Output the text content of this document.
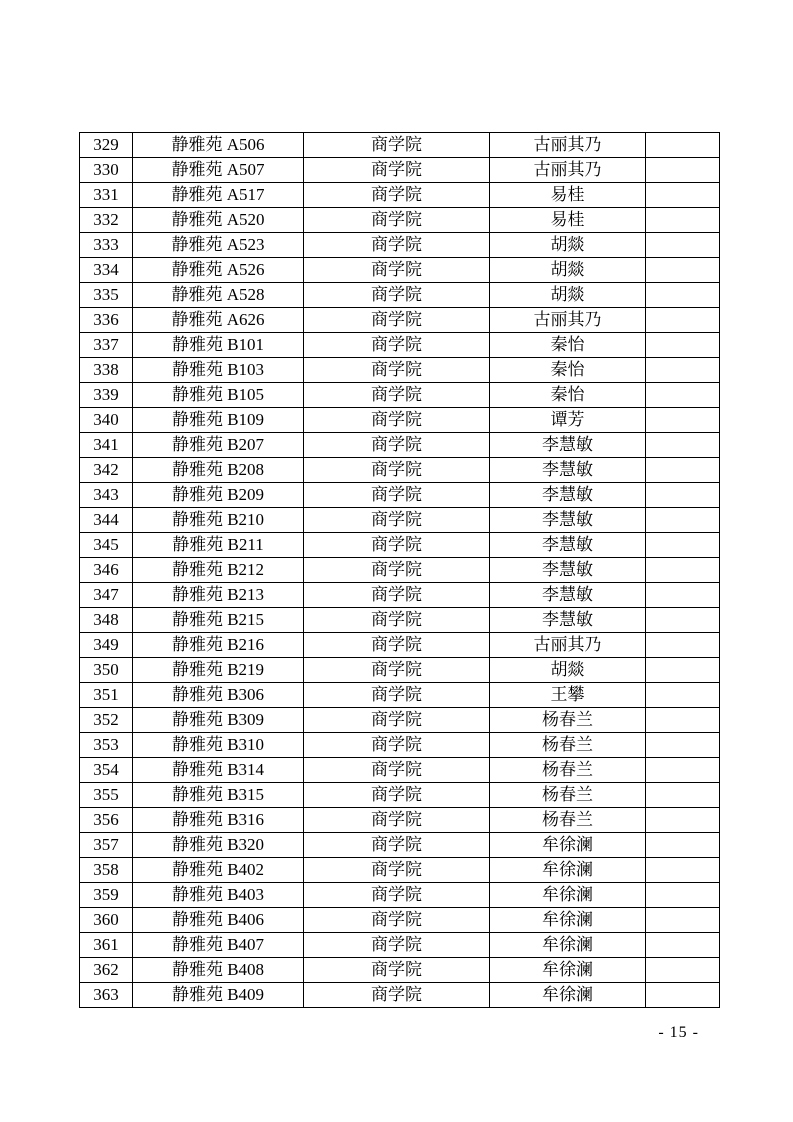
329	静雅苑 A506	商学院	古丽其乃	
330	静雅苑 A507	商学院	古丽其乃	
331	静雅苑 A517	商学院	易桂	
332	静雅苑 A520	商学院	易桂	
333	静雅苑 A523	商学院	胡燚	
334	静雅苑 A526	商学院	胡燚	
335	静雅苑 A528	商学院	胡燚	
336	静雅苑 A626	商学院	古丽其乃	
337	静雅苑 B101	商学院	秦怡	
338	静雅苑 B103	商学院	秦怡	
339	静雅苑 B105	商学院	秦怡	
340	静雅苑 B109	商学院	谭芳	
341	静雅苑 B207	商学院	李慧敏	
342	静雅苑 B208	商学院	李慧敏	
343	静雅苑 B209	商学院	李慧敏	
344	静雅苑 B210	商学院	李慧敏	
345	静雅苑 B211	商学院	李慧敏	
346	静雅苑 B212	商学院	李慧敏	
347	静雅苑 B213	商学院	李慧敏	
348	静雅苑 B215	商学院	李慧敏	
349	静雅苑 B216	商学院	古丽其乃	
350	静雅苑 B219	商学院	胡燚	
351	静雅苑 B306	商学院	王攀	
352	静雅苑 B309	商学院	杨春兰	
353	静雅苑 B310	商学院	杨春兰	
354	静雅苑 B314	商学院	杨春兰	
355	静雅苑 B315	商学院	杨春兰	
356	静雅苑 B316	商学院	杨春兰	
357	静雅苑 B320	商学院	牟徐澜	
358	静雅苑 B402	商学院	牟徐澜	
359	静雅苑 B403	商学院	牟徐澜	
360	静雅苑 B406	商学院	牟徐澜	
361	静雅苑 B407	商学院	牟徐澜	
362	静雅苑 B408	商学院	牟徐澜	
363	静雅苑 B409	商学院	牟徐澜	
- 15 -
